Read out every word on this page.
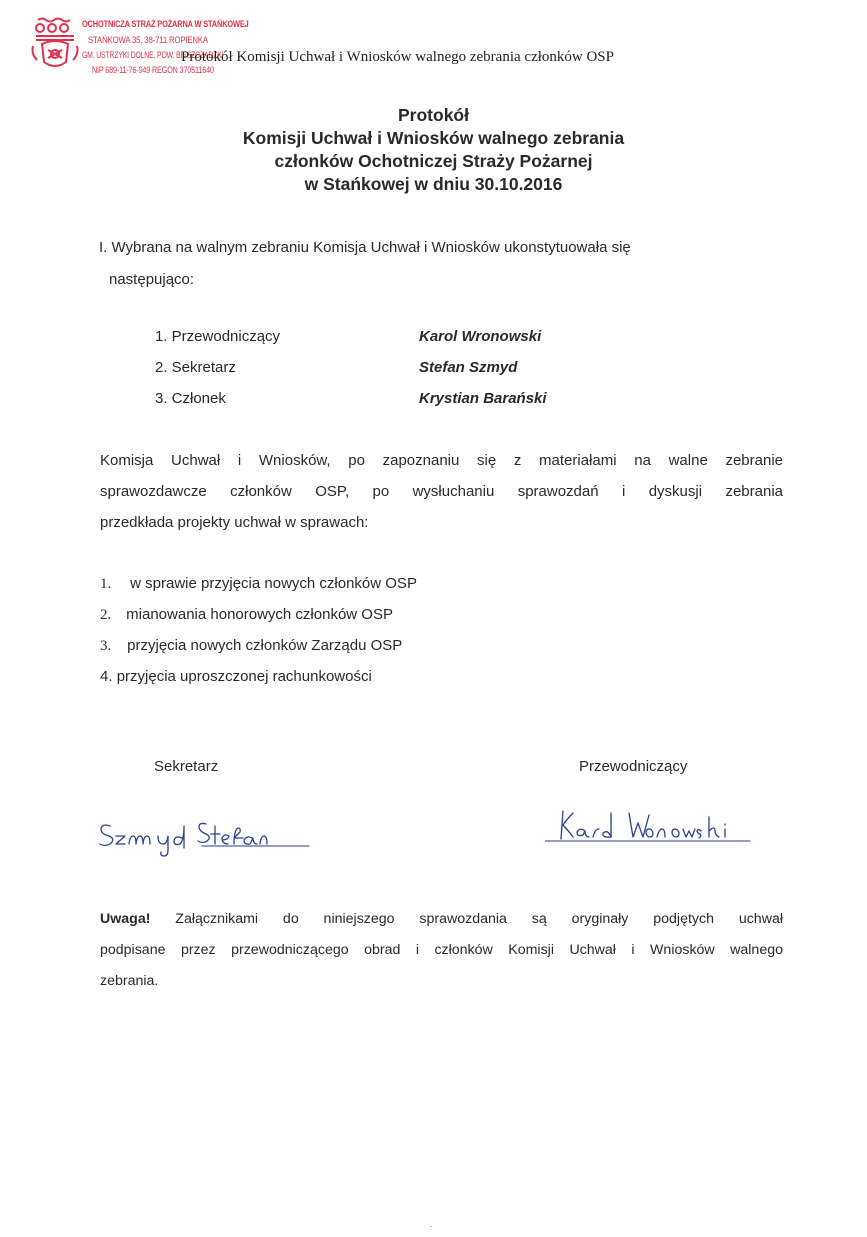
OCHOTNICZA STRAŻ POŻARNA W STAŃKOWEJ
STAŃKOWA 35, 38-711 ROPIENKA
GM. USTRZYKI DOLNE, POW. BIESZCZADZKI
NIP 689-11-76-949 REGON 370511640
Protokół Komisji Uchwał i Wniosków walnego zebrania członków OSP
Protokół
Komisji Uchwał i Wniosków walnego zebrania
członków Ochotniczej Straży Pożarnej
w Stańkowej w dniu 30.10.2016
I. Wybrana na walnym zebraniu Komisja Uchwał i Wniosków ukonstytuowała się
następująco:
1. Przewodniczący	Karol Wronowski
2. Sekretarz	Stefan Szmyd
3. Członek	Krystian Barański
Komisja Uchwał i Wniosków, po zapoznaniu się z materiałami na walne zebranie
sprawozdawcze członków OSP, po wysłuchaniu sprawozdań i dyskusji zebrania
przedkłada projekty uchwał w sprawach:
1. w sprawie przyjęcia nowych członków OSP
2. mianowania honorowych członków OSP
3. przyjęcia nowych członków Zarządu OSP
4. przyjęcia uproszczonej rachunkowości
Sekretarz	Przewodniczący
Uwaga! Załącznikami do niniejszego sprawozdania są oryginały podjętych uchwał
podpisane przez przewodniczącego obrad i członków Komisji Uchwał i Wniosków walnego
zebrania.
